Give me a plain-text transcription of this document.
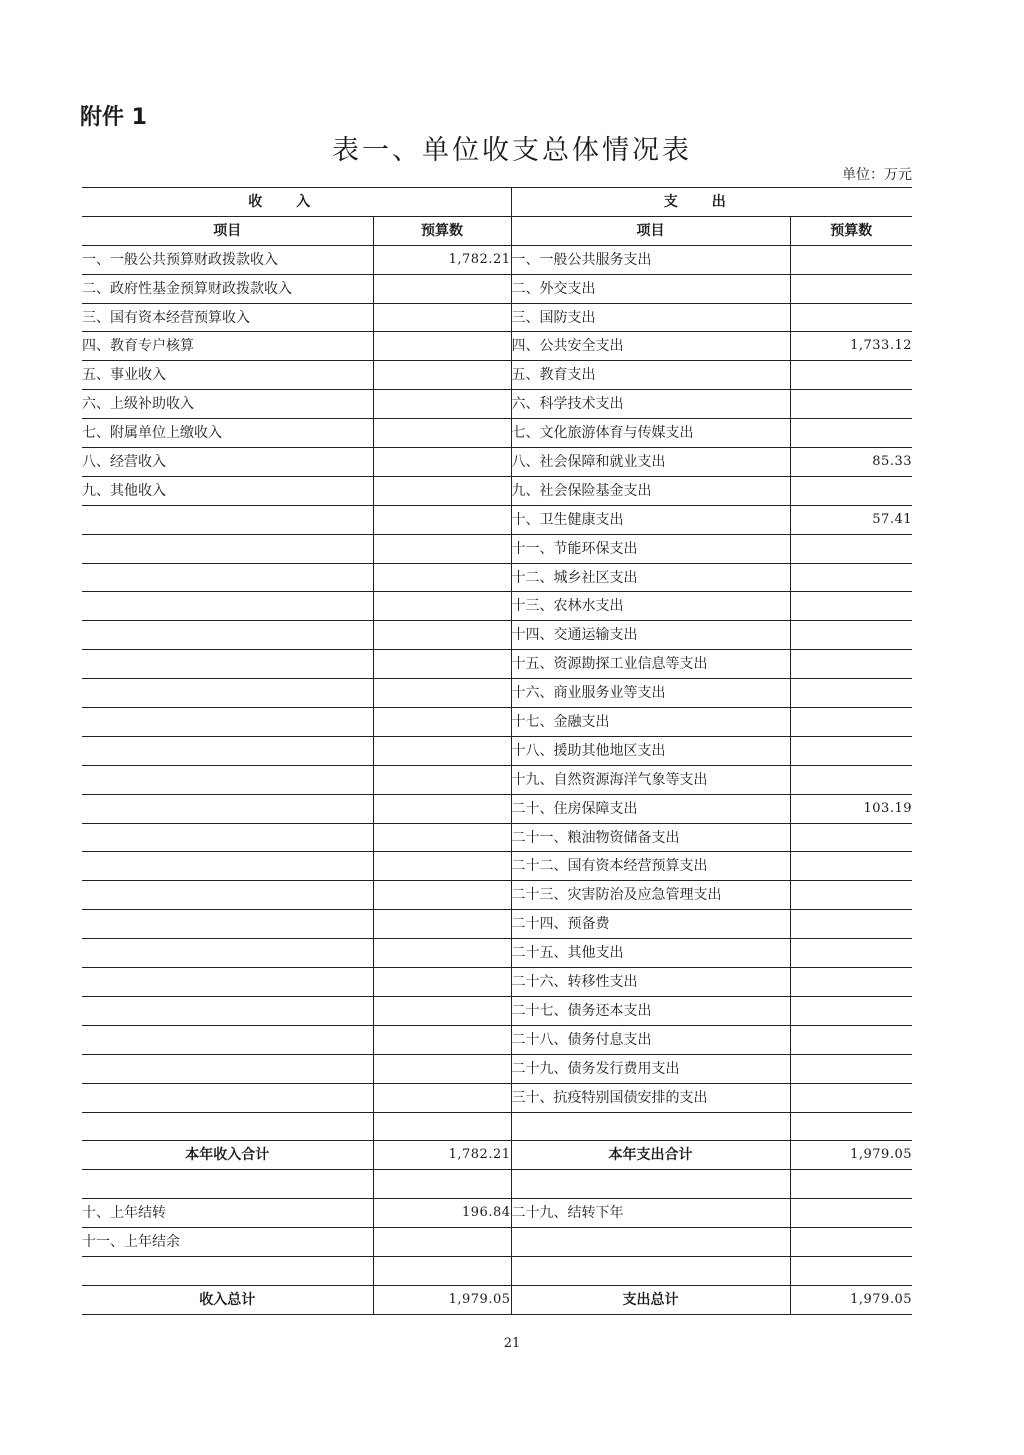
附件 1
表一、单位收支总体情况表
单位：万元
收入		支出	
项目	预算数	项目	预算数
一、一般公共预算财政拨款收入	1,782.21	一、一般公共服务支出	
二、政府性基金预算财政拨款收入		二、外交支出	
三、国有资本经营预算收入		三、国防支出	
四、教育专户核算		四、公共安全支出	1,733.12
五、事业收入		五、教育支出	
六、上级补助收入		六、科学技术支出	
七、附属单位上缴收入		七、文化旅游体育与传媒支出	
八、经营收入		八、社会保障和就业支出	85.33
九、其他收入		九、社会保险基金支出	
		十、卫生健康支出	57.41
		十一、节能环保支出	
		十二、城乡社区支出	
		十三、农林水支出	
		十四、交通运输支出	
		十五、资源勘探工业信息等支出	
		十六、商业服务业等支出	
		十七、金融支出	
		十八、援助其他地区支出	
		十九、自然资源海洋气象等支出	
		二十、住房保障支出	103.19
		二十一、粮油物资储备支出	
		二十二、国有资本经营预算支出	
		二十三、灾害防治及应急管理支出	
		二十四、预备费	
		二十五、其他支出	
		二十六、转移性支出	
		二十七、债务还本支出	
		二十八、债务付息支出	
		二十九、债务发行费用支出	
		三十、抗疫特别国债安排的支出	

本年收入合计	1,782.21	本年支出合计	1,979.05

十、上年结转	196.84	二十九、结转下年	
十一、上年结余			

收入总计	1,979.05	支出总计	1,979.05
21
